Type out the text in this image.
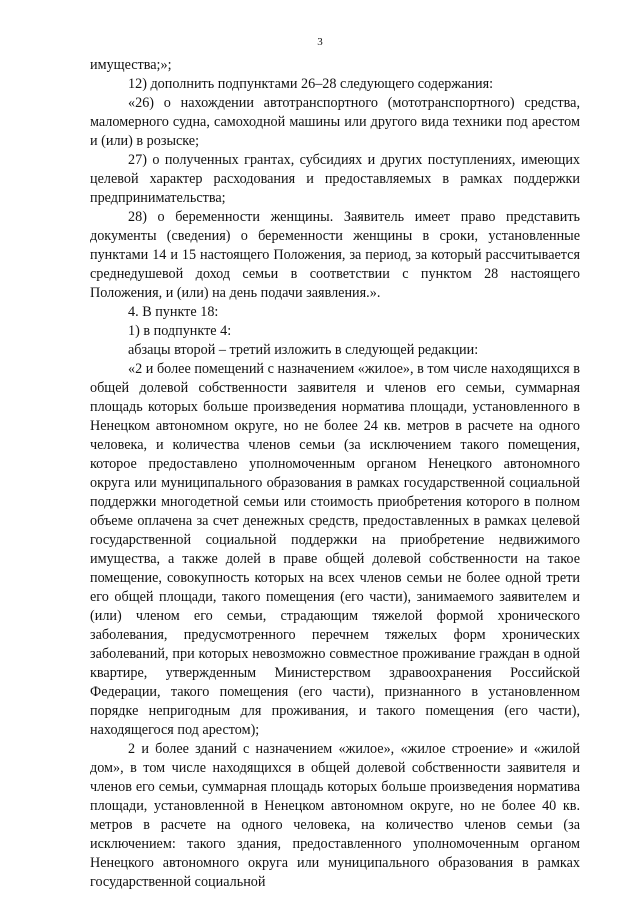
3

имущества;»;

12) дополнить подпунктами 26–28 следующего содержания:

«26) о нахождении автотранспортного (мототранспортного) средства, маломерного судна, самоходной машины или другого вида техники под арестом и (или) в розыске;

27) о полученных грантах, субсидиях и других поступлениях, имеющих целевой характер расходования и предоставляемых в рамках поддержки предпринимательства;

28) о беременности женщины. Заявитель имеет право представить документы (сведения) о беременности женщины в сроки, установленные пунктами 14 и 15 настоящего Положения, за период, за который рассчитывается среднедушевой доход семьи в соответствии с пунктом 28 настоящего Положения, и (или) на день подачи заявления.».

4. В пункте 18:

1) в подпункте 4:

абзацы второй – третий изложить в следующей редакции:

«2 и более помещений с назначением «жилое», в том числе находящихся в общей долевой собственности заявителя и членов его семьи, суммарная площадь которых больше произведения норматива площади, установленного в Ненецком автономном округе, но не более 24 кв. метров в расчете на одного человека, и количества членов семьи (за исключением такого помещения, которое предоставлено уполномоченным органом Ненецкого автономного округа или муниципального образования в рамках государственной социальной поддержки многодетной семьи или стоимость приобретения которого в полном объеме оплачена за счет денежных средств, предоставленных в рамках целевой государственной социальной поддержки на приобретение недвижимого имущества, а также долей в праве общей долевой собственности на такое помещение, совокупность которых на всех членов семьи не более одной трети его общей площади, такого помещения (его части), занимаемого заявителем и (или) членом его семьи, страдающим тяжелой формой хронического заболевания, предусмотренного перечнем тяжелых форм хронических заболеваний, при которых невозможно совместное проживание граждан в одной квартире, утвержденным Министерством здравоохранения Российской Федерации, такого помещения (его части), признанного в установленном порядке непригодным для проживания, и такого помещения (его части), находящегося под арестом);

2 и более зданий с назначением «жилое», «жилое строение» и «жилой дом», в том числе находящихся в общей долевой собственности заявителя и членов его семьи, суммарная площадь которых больше произведения норматива площади, установленной в Ненецком автономном округе, но не более 40 кв. метров в расчете на одного человека, на количество членов семьи (за исключением: такого здания, предоставленного уполномоченным органом Ненецкого автономного округа или муниципального образования в рамках государственной социальной
